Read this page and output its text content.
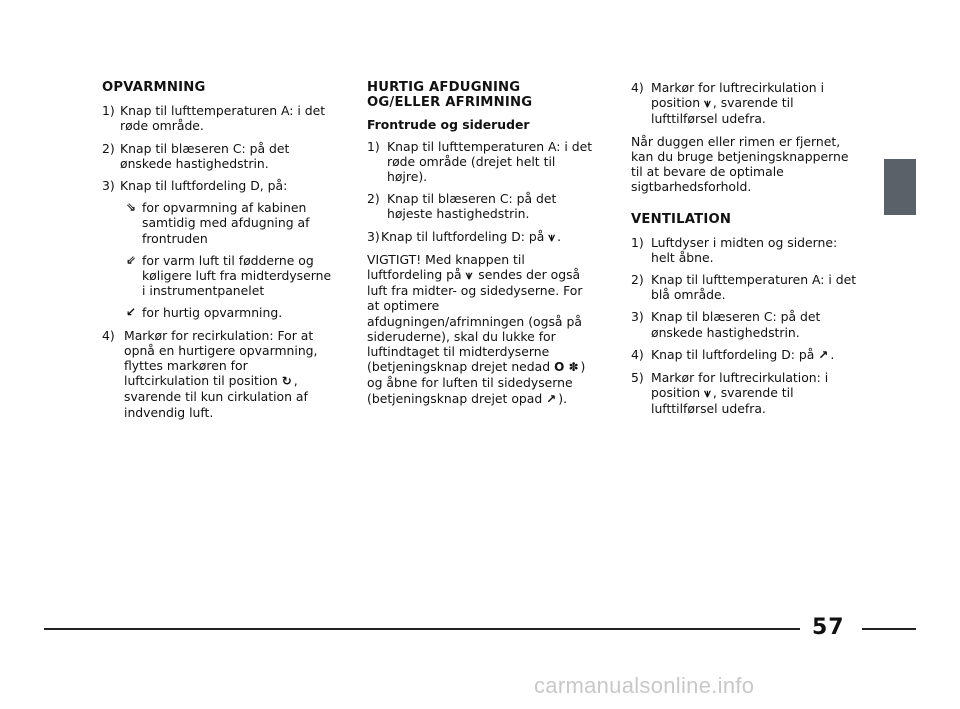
OPVARMNING

1) Knap til lufttemperaturen A: i det røde område.
2) Knap til blæseren C: på det ønskede hastighedstrin.
3) Knap til luftfordeling D, på:
⇘ for opvarmning af kabinen samtidig med afdugning af frontruden
⇙ for varm luft til fødderne og køligere luft fra midterdyserne i instrumentpanelet
↙ for hurtig opvarmning.
4) Markør for recirkulation: For at opnå en hurtigere opvarmning, flyttes markøren for luftcirkulation til position ↻ , svarende til kun cirkulation af indvendig luft.

HURTIG AFDUGNING

OG/ELLER AFRIMNING

Frontrude og sideruder

1) Knap til lufttemperaturen A: i det røde område (drejet helt til højre).
2) Knap til blæseren C: på det højeste hastighedstrin.
3) Knap til luftfordeling D: på ⩛ .

VIGTIGT! Med knappen til luftfordeling på ⩛ sendes der også luft fra midter- og sidedyserne. For at optimere afdugningen/afrimningen (også på sideruderne), skal du lukke for luftindtaget til midterdyserne (betjeningsknap drejet nedad O ✽ ) og åbne for luften til sidedyserne (betjeningsknap drejet opad ↗ ).

4) Markør for luftrecirkulation i position ⩛ , svarende til lufttilførsel udefra.

Når duggen eller rimen er fjernet, kan du bruge betjeningsknapperne til at bevare de optimale sigtbarhedsforhold.

VENTILATION

1) Luftdyser i midten og siderne: helt åbne.
2) Knap til lufttemperaturen A: i det blå område.
3) Knap til blæseren C: på det ønskede hastighedstrin.
4) Knap til luftfordeling D: på ↗ .
5) Markør for luftrecirkulation: i position ⩛ , svarende til lufttilførsel udefra.
57
carmanualsonline.info
